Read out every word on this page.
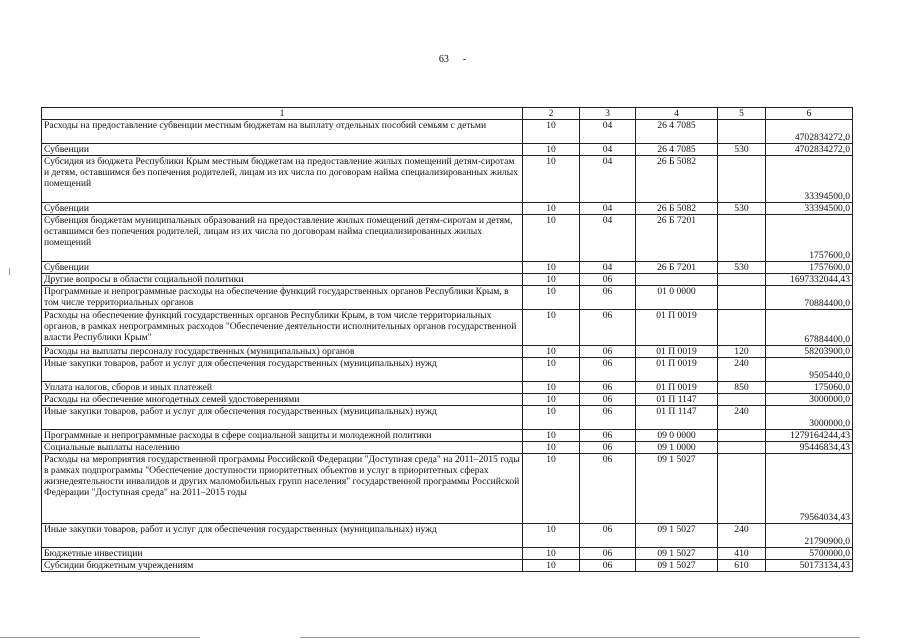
63 -
1	2	3	4	5	6
Расходы на предоставление субвенции местным бюджетам на выплату отдельных пособий семьям с детьми	10	04	26 4 7085		4702834272,0
Субвенции	10	04	26 4 7085	530	4702834272,0
Субсидия из бюджета Республики Крым местным бюджетам на предоставление жилых помещений детям-сиротам и детям, оставшимся без попечения родителей, лицам из их числа по договорам найма специализированных жилых помещений	10	04	26 Б 5082		33394500,0
Субвенции	10	04	26 Б 5082	530	33394500,0
Субвенция бюджетам муниципальных образований на предоставление жилых помещений детям-сиротам и детям, оставшимся без попечения родителей, лицам из их числа по договорам найма специализированных жилых помещений	10	04	26 Б 7201		1757600,0
Субвенции	10	04	26 Б 7201	530	1757600,0
Другие вопросы в области социальной политики	10	06			1697332044,43
Программные и непрограммные расходы на обеспечение функций государственных органов Республики Крым, в том числе территориальных органов	10	06	01 0 0000		70884400,0
Расходы на обеспечение функций государственных органов Республики Крым, в том числе территориальных органов, в рамках непрограммных расходов "Обеспечение деятельности исполнительных органов государственной власти Республики Крым"	10	06	01 П 0019		67884400,0
Расходы на выплаты персоналу государственных (муниципальных) органов	10	06	01 П 0019	120	58203900,0
Иные закупки товаров, работ и услуг для обеспечения государственных (муниципальных) нужд	10	06	01 П 0019	240	9505440,0
Уплата налогов, сборов и иных платежей	10	06	01 П 0019	850	175060,0
Расходы на обеспечение многодетных семей удостоверениями	10	06	01 П 1147		3000000,0
Иные закупки товаров, работ и услуг для обеспечения государственных (муниципальных) нужд	10	06	01 П 1147	240	3000000,0
Программные и непрограммные расходы в сфере социальной защиты и молодежной политики	10	06	09 0 0000		1279164244,43
Социальные выплаты населению	10	06	09 1 0000		95446834,43
Расходы на мероприятия государственной программы Российской Федерации "Доступная среда" на 2011–2015 годы в рамках подпрограммы "Обеспечение доступности приоритетных объектов и услуг в приоритетных сферах жизнедеятельности инвалидов и других маломобильных групп населения" государственной программы Российской Федерации "Доступная среда" на 2011–2015 годы	10	06	09 1 5027		79564034,43
Иные закупки товаров, работ и услуг для обеспечения государственных (муниципальных) нужд	10	06	09 1 5027	240	21790900,0
Бюджетные инвестиции	10	06	09 1 5027	410	5700000,0
Субсидии бюджетным учреждениям	10	06	09 1 5027	610	50173134,43
